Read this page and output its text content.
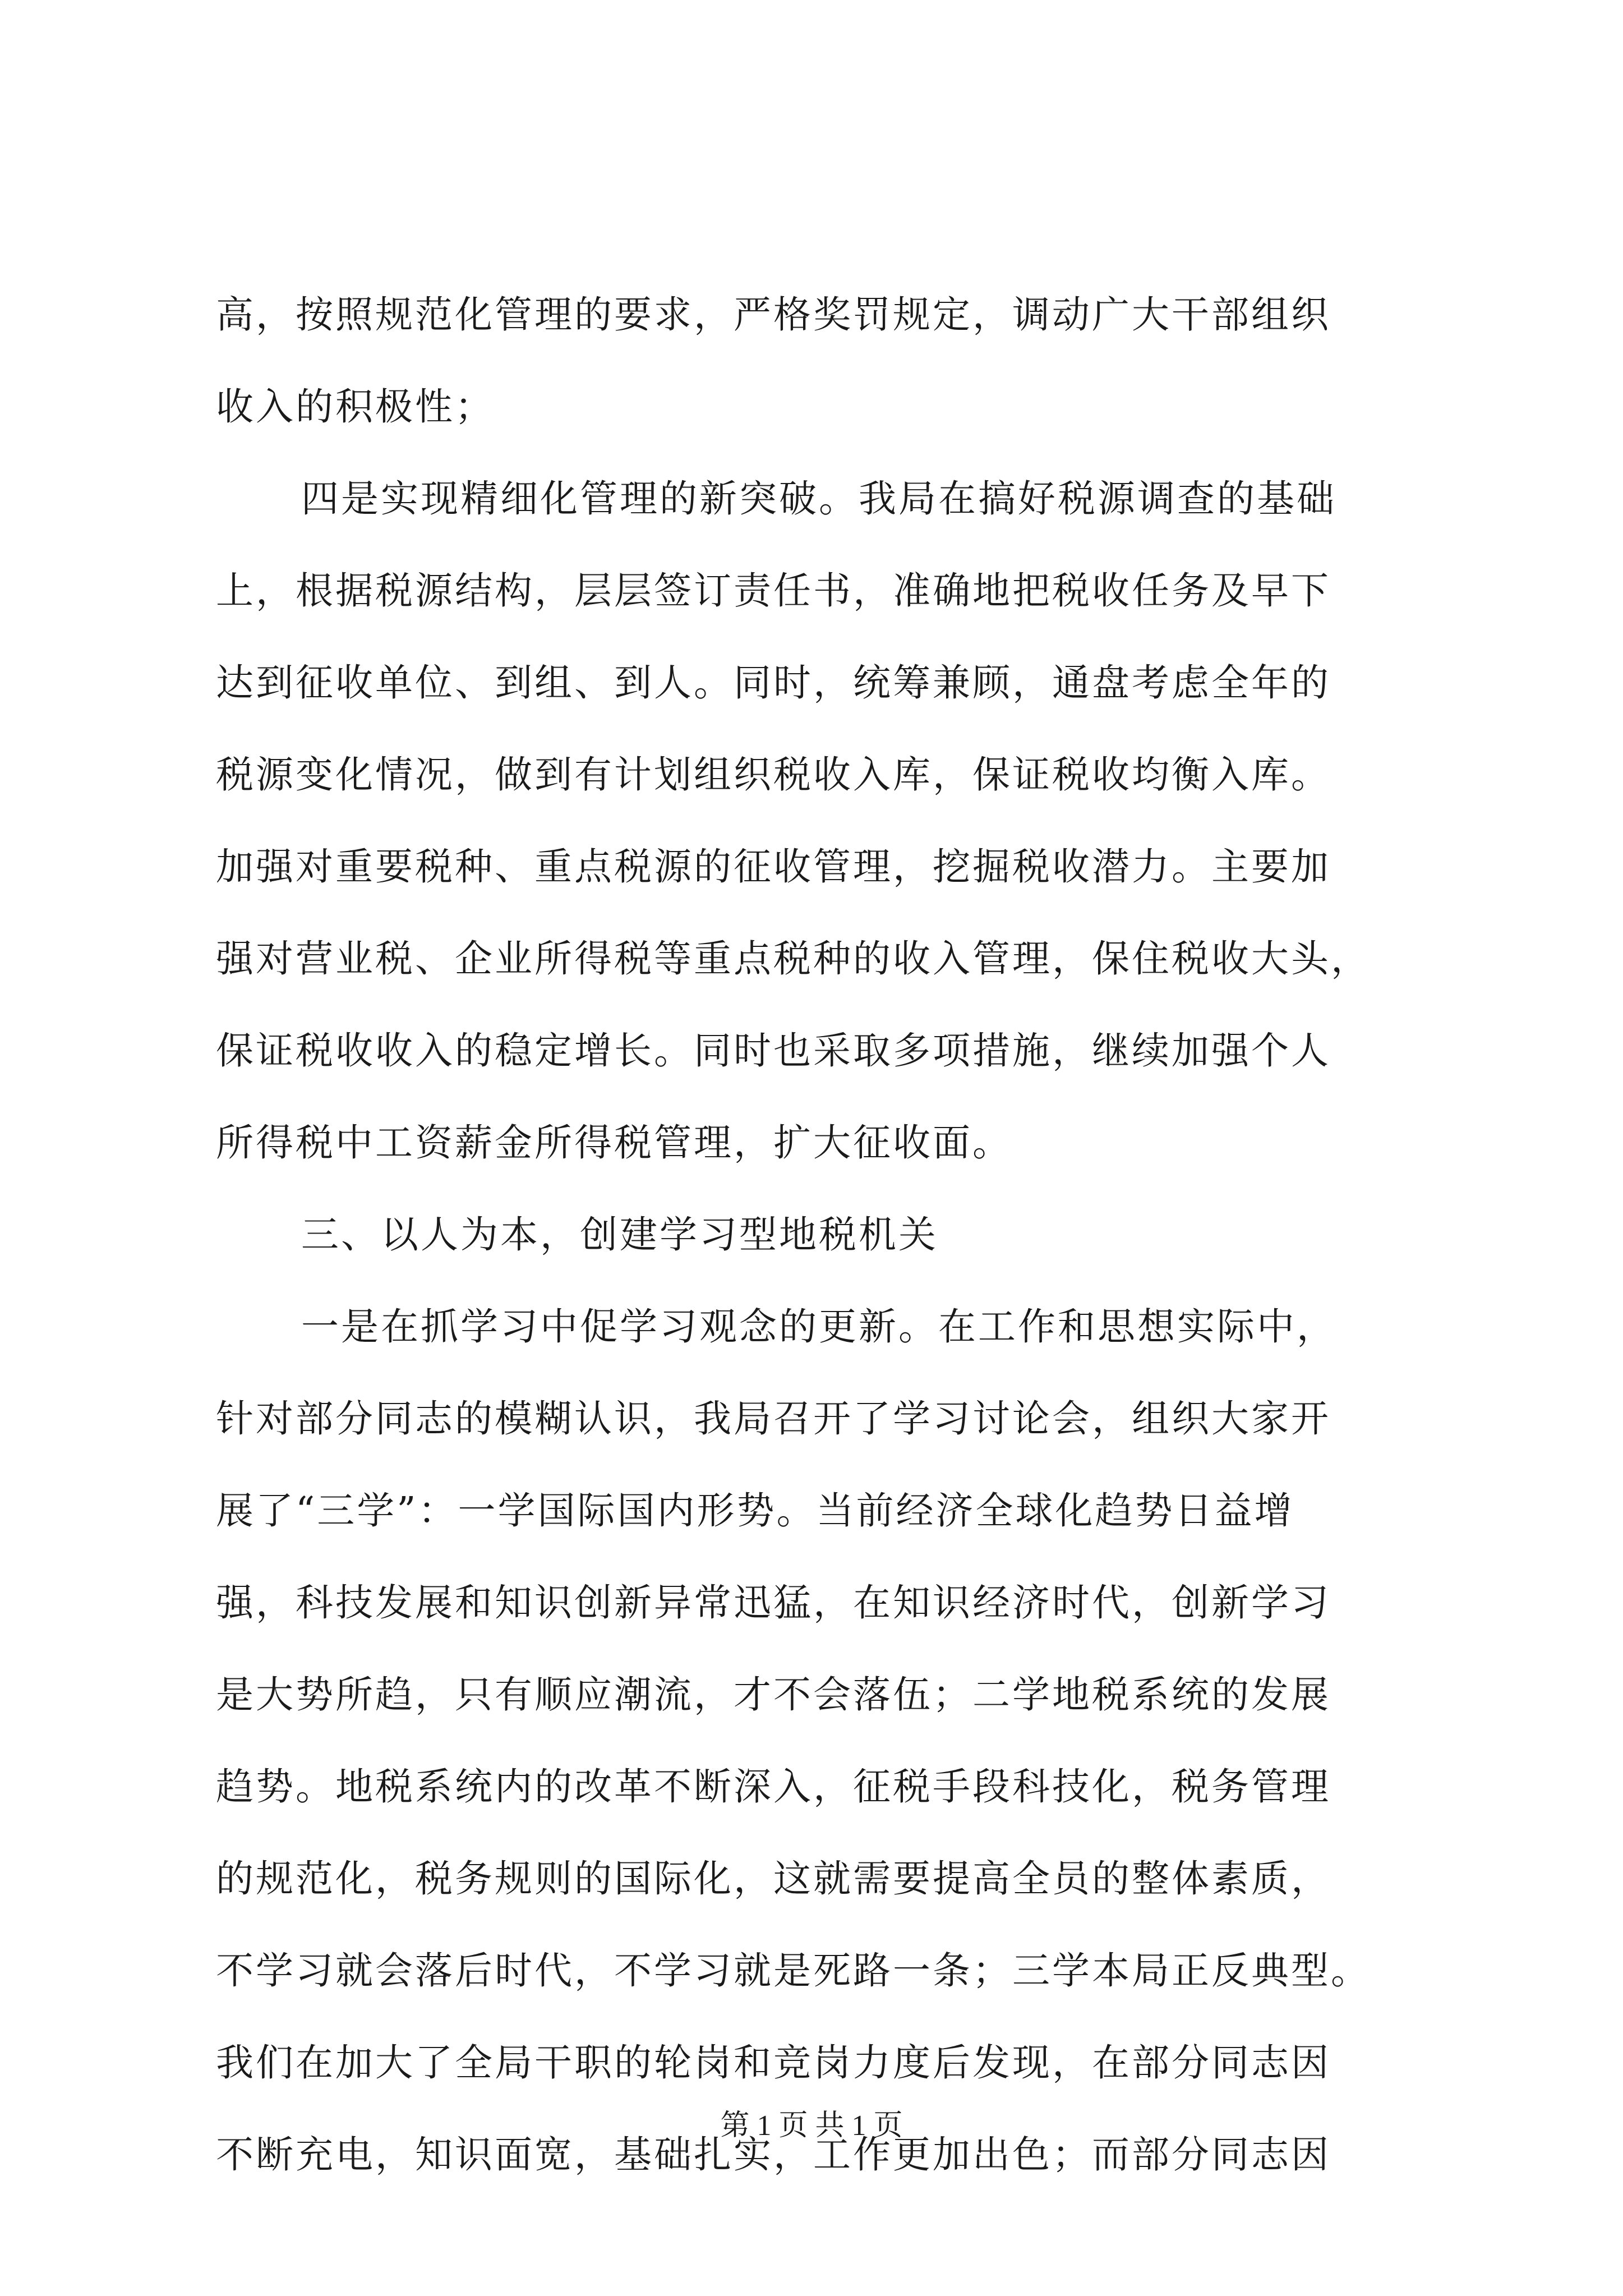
高，按照规范化管理的要求，严格奖罚规定，调动广大干部组织
收入的积极性；
四是实现精细化管理的新突破。我局在搞好税源调查的基础
上，根据税源结构，层层签订责任书，准确地把税收任务及早下
达到征收单位、到组、到人。同时，统筹兼顾，通盘考虑全年的
税源变化情况，做到有计划组织税收入库，保证税收均衡入库。
加强对重要税种、重点税源的征收管理，挖掘税收潜力。主要加
强对营业税、企业所得税等重点税种的收入管理，保住税收大头，
保证税收收入的稳定增长。同时也采取多项措施，继续加强个人
所得税中工资薪金所得税管理，扩大征收面。
三、以人为本，创建学习型地税机关
一是在抓学习中促学习观念的更新。在工作和思想实际中，
针对部分同志的模糊认识，我局召开了学习讨论会，组织大家开
展了“三学”：一学国际国内形势。当前经济全球化趋势日益增
强，科技发展和知识创新异常迅猛，在知识经济时代，创新学习
是大势所趋，只有顺应潮流，才不会落伍；二学地税系统的发展
趋势。地税系统内的改革不断深入，征税手段科技化，税务管理
的规范化，税务规则的国际化，这就需要提高全员的整体素质，
不学习就会落后时代，不学习就是死路一条；三学本局正反典型。
我们在加大了全局干职的轮岗和竞岗力度后发现，在部分同志因
不断充电，知识面宽，基础扎实，工作更加出色；而部分同志因
第 1 页 共 1 页
